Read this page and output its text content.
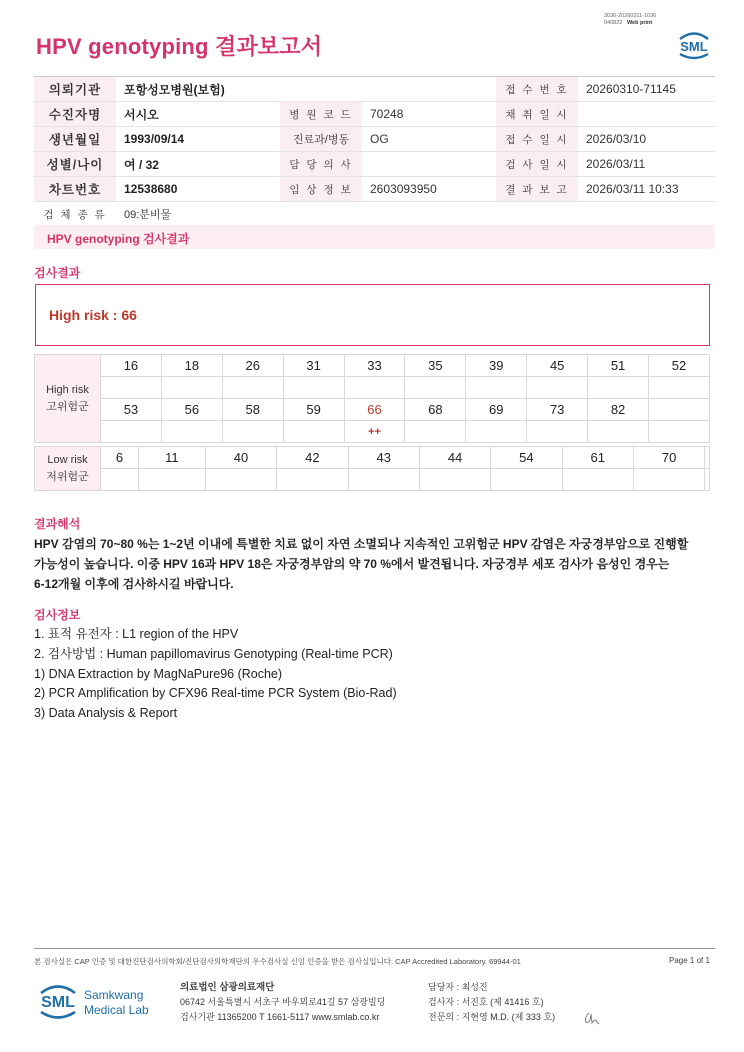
HPV genotyping 결과보고서
3036-20260311-1036
040822 Web print
SML
의뢰기관	포항성모병원(보험)			접 수 번 호	20260310-71145
수진자명	서시오	병 원 코 드	70248	채 취 일 시	
생년월일	1993/09/14	진료과/병동	OG	접 수 일 시	2026/03/10
성별/나이	여 / 32	담 당 의 사		검 사 일 시	2026/03/11
차트번호	12538680	임 상 정 보	2603093950	결 과 보 고	2026/03/11 10:33
검 체 종 류	09:분비물				
HPV genotyping 검사결과
검사결과
High risk : 66
High risk
고위험군	16	18	26	31	33	35	39	45	51	52

	53	56	58	59	66	68	69	73	82	
					++					
Low risk
저위험군	6	11	40	42	43	44	54	61	70	

결과해석
HPV 감염의 70~80 %는 1~2년 이내에 특별한 치료 없이 자연 소멸되나 지속적인 고위험군 HPV 감염은 자궁경부암으로 진행할
가능성이 높습니다. 이중 HPV 16과 HPV 18은 자궁경부암의 약 70 %에서 발견됩니다. 자궁경부 세포 검사가 음성인 경우는
6-12개월 이후에 검사하시길 바랍니다.
검사정보
1. 표적 유전자 : L1 region of the HPV
2. 검사방법 : Human papillomavirus Genotyping (Real-time PCR)
1) DNA Extraction by MagNaPure96 (Roche)
2) PCR Amplification by CFX96 Real-time PCR System (Bio-Rad)
3) Data Analysis & Report
본 검사실은 CAP 인증 및 대한진단검사의학회/진단검사의학재단의 우수검사실 신임 인증을 받은 검사실입니다. CAP Accredited Laboratory. 69944-01	Page 1 of 1
SML Samkwang
Medical Lab
의료법인 삼광의료재단
06742 서울특별시 서초구 바우뫼로41길 57 삼광빌딩
검사기관 11365200 T 1661-5117 www.smlab.co.kr
담당자 : 최성진
검사자 : 서진호 (제 41416 호)
전문의 : 지현영 M.D. (제 333 호)
